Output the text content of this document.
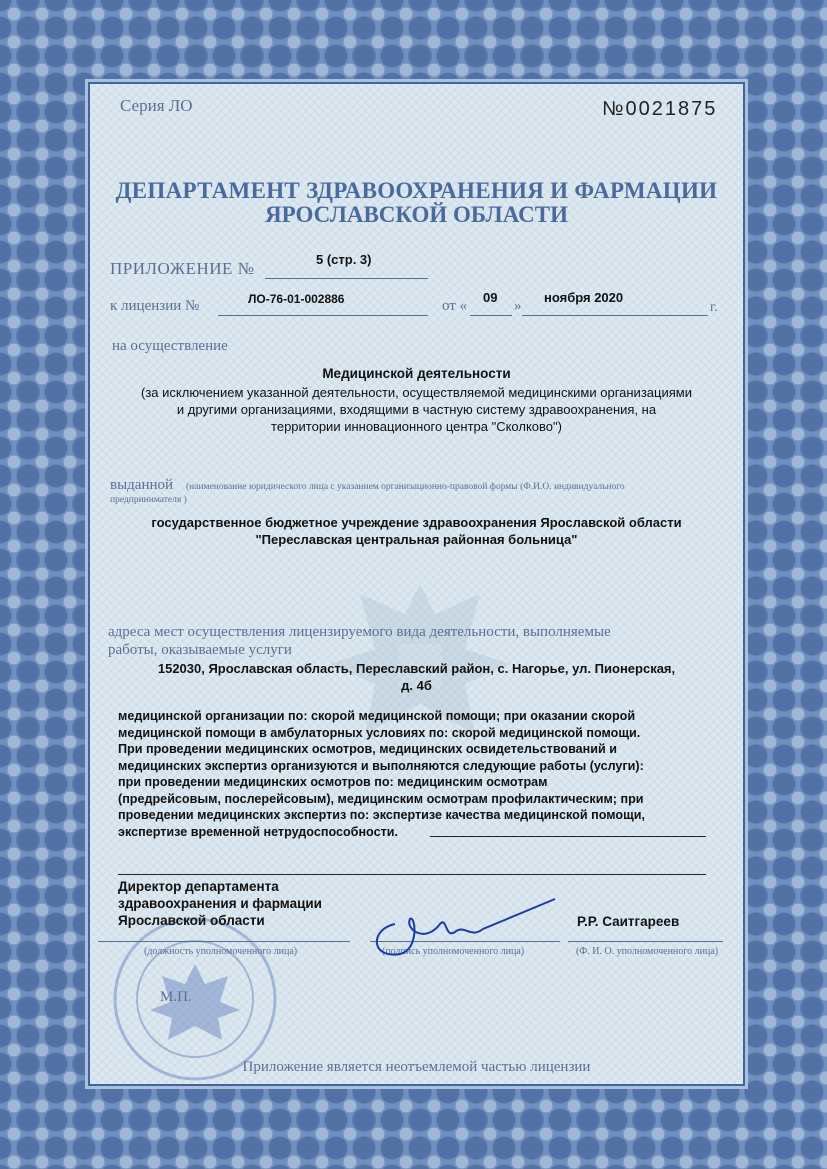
Серия ЛО	№0021875
ДЕПАРТАМЕНТ ЗДРАВООХРАНЕНИЯ И ФАРМАЦИИ
ЯРОСЛАВСКОЙ ОБЛАСТИ
ПРИЛОЖЕНИЕ №	5 (стр. 3)
к лицензии №	ЛО-76-01-002886	от «
09
»
ноября 2020
г.
на осуществление
Медицинской деятельности
(за исключением указанной деятельности, осуществляемой медицинскими организациями
и другими организациями, входящими в частную систему здравоохранения, на
территории инновационного центра "Сколково")
выданной (наименование юридического лица с указанием организационно-правовой формы (Ф.И.О. индивидуального
предпринимателя )
государственное бюджетное учреждение здравоохранения Ярославской области
"Переславская центральная районная больница"
адреса мест осуществления лицензируемого вида деятельности, выполняемые
работы, оказываемые услуги
152030, Ярославская область, Переславский район, с. Нагорье, ул. Пионерская,
д. 4б
медицинской организации по: скорой медицинской помощи; при оказании скорой
медицинской помощи в амбулаторных условиях по: скорой медицинской помощи.
При проведении медицинских осмотров, медицинских освидетельствований и
медицинских экспертиз организуются и выполняются следующие работы (услуги):
при проведении медицинских осмотров по: медицинским осмотрам
(предрейсовым, послерейсовым), медицинским осмотрам профилактическим; при
проведении медицинских экспертиз по: экспертизе качества медицинской помощи,
экспертизе временной нетрудоспособности.
Директор департамента
здравоохранения и фармации
Ярославской области	Р.Р. Саитгареев
(должность уполномоченного лица)	(подпись уполномоченного лица)	(Ф. И. О. уполномоченного лица)
М.П.
Приложение является неотъемлемой частью лицензии
